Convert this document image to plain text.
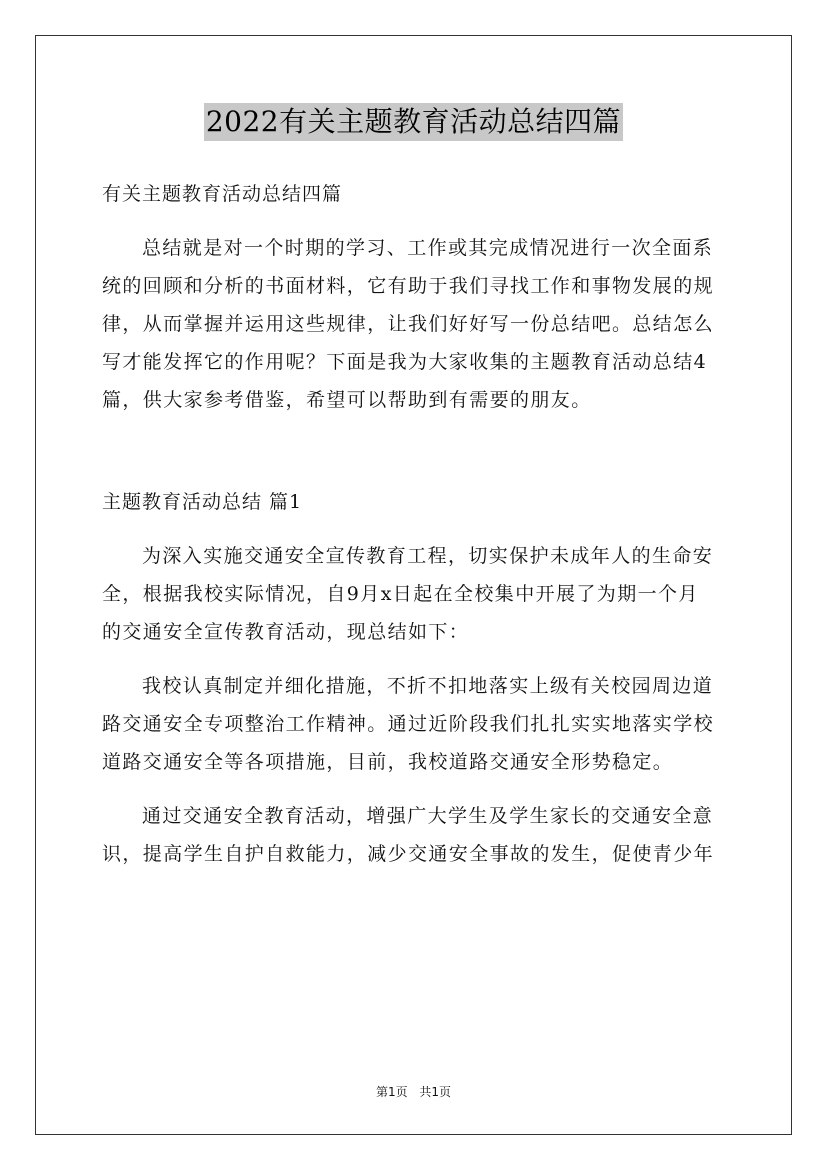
2022有关主题教育活动总结四篇
有关主题教育活动总结四篇
总结就是对一个时期的学习、工作或其完成情况进行一次全面系
统的回顾和分析的书面材料，它有助于我们寻找工作和事物发展的规
律，从而掌握并运用这些规律，让我们好好写一份总结吧。总结怎么
写才能发挥它的作用呢？下面是我为大家收集的主题教育活动总结4
篇，供大家参考借鉴，希望可以帮助到有需要的朋友。
主题教育活动总结 篇1
为深入实施交通安全宣传教育工程，切实保护未成年人的生命安
全，根据我校实际情况，自9月x日起在全校集中开展了为期一个月
的交通安全宣传教育活动，现总结如下：
我校认真制定并细化措施，不折不扣地落实上级有关校园周边道
路交通安全专项整治工作精神。通过近阶段我们扎扎实实地落实学校
道路交通安全等各项措施，目前，我校道路交通安全形势稳定。
通过交通安全教育活动，增强广大学生及学生家长的交通安全意
识，提高学生自护自救能力，减少交通安全事故的发生，促使青少年
第1页 共1页
